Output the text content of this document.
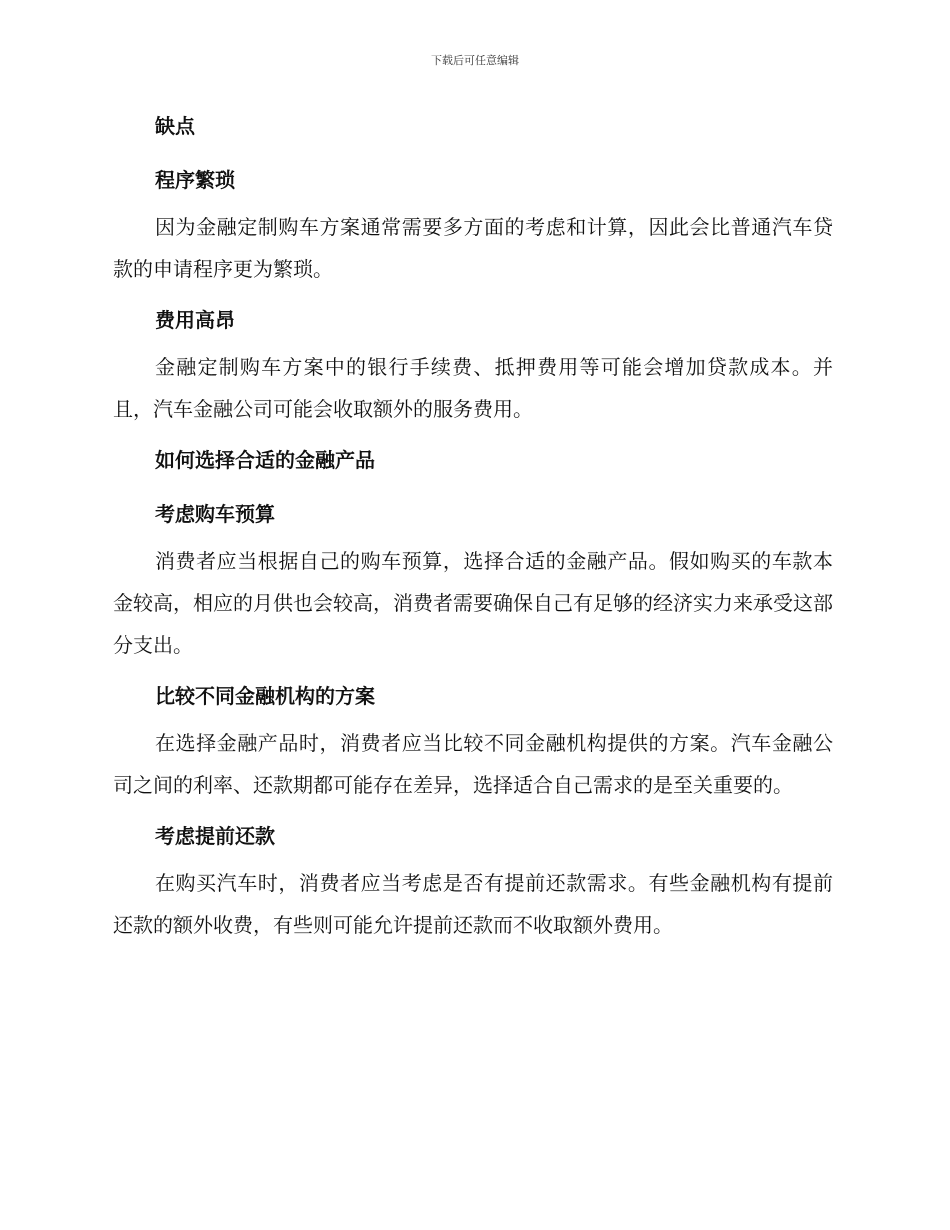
下载后可任意编辑
缺点
程序繁琐

因为金融定制购车方案通常需要多方面的考虑和计算，因此会比普通汽车贷款的申请程序更为繁琐。

费用高昂

金融定制购车方案中的银行手续费、抵押费用等可能会增加贷款成本。并且，汽车金融公司可能会收取额外的服务费用。

如何选择合适的金融产品
考虑购车预算

消费者应当根据自己的购车预算，选择合适的金融产品。假如购买的车款本金较高，相应的月供也会较高，消费者需要确保自己有足够的经济实力来承受这部分支出。

比较不同金融机构的方案

在选择金融产品时，消费者应当比较不同金融机构提供的方案。汽车金融公司之间的利率、还款期都可能存在差异，选择适合自己需求的是至关重要的。

考虑提前还款

在购买汽车时，消费者应当考虑是否有提前还款需求。有些金融机构有提前还款的额外收费，有些则可能允许提前还款而不收取额外费用。
